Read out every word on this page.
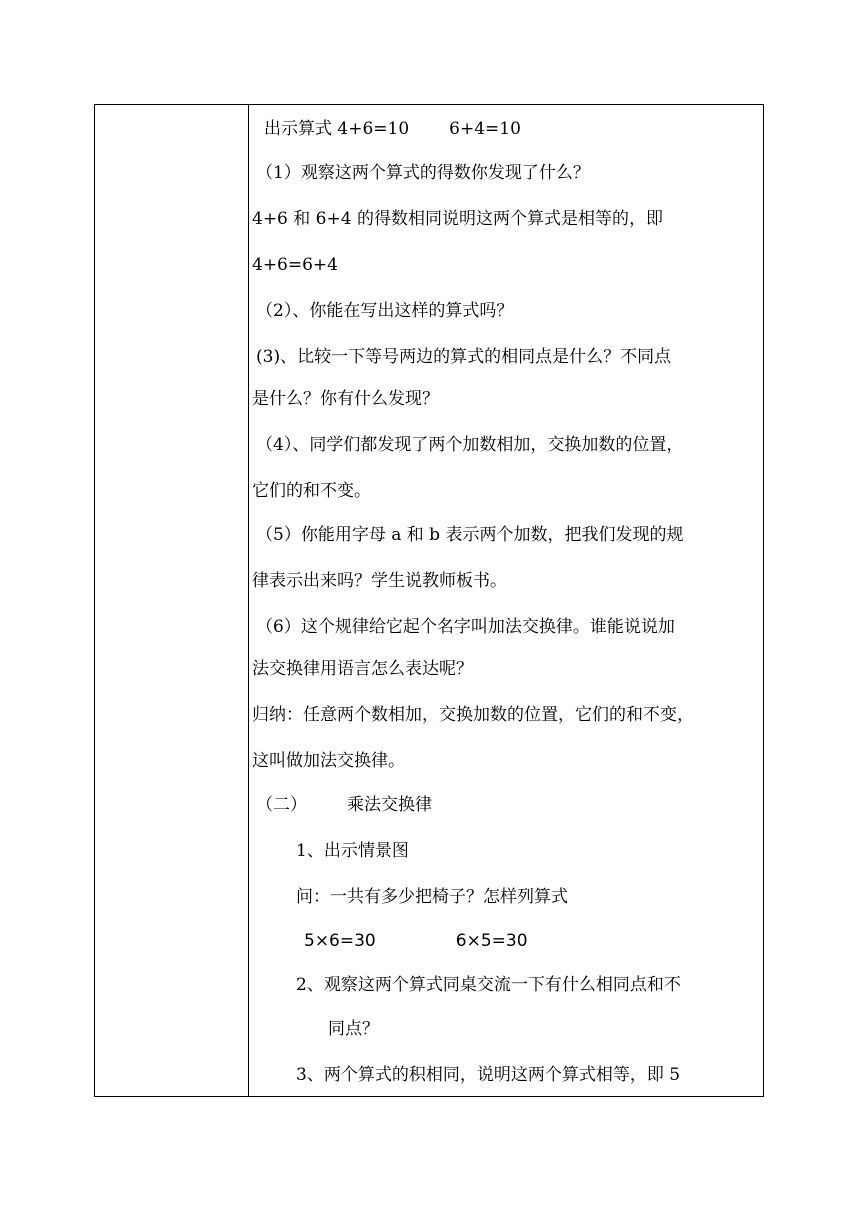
出示算式 4+6=10 6+4=10
（1）观察这两个算式的得数你发现了什么？
4+6 和 6+4 的得数相同说明这两个算式是相等的，即
4+6=6+4
（2）、你能在写出这样的算式吗？
(3)、比较一下等号两边的算式的相同点是什么？不同点
是什么？你有什么发现？
（4）、同学们都发现了两个加数相加，交换加数的位置，
它们的和不变。
（5）你能用字母 a 和 b 表示两个加数，把我们发现的规
律表示出来吗？学生说教师板书。
（6）这个规律给它起个名字叫加法交换律。谁能说说加
法交换律用语言怎么表达呢？
归纳：任意两个数相加，交换加数的位置，它们的和不变，
这叫做加法交换律。
（二） 乘法交换律
1、出示情景图
问：一共有多少把椅子？怎样列算式
5×6=30	6×5=30
2、观察这两个算式同桌交流一下有什么相同点和不
同点？
3、两个算式的积相同，说明这两个算式相等，即 5
